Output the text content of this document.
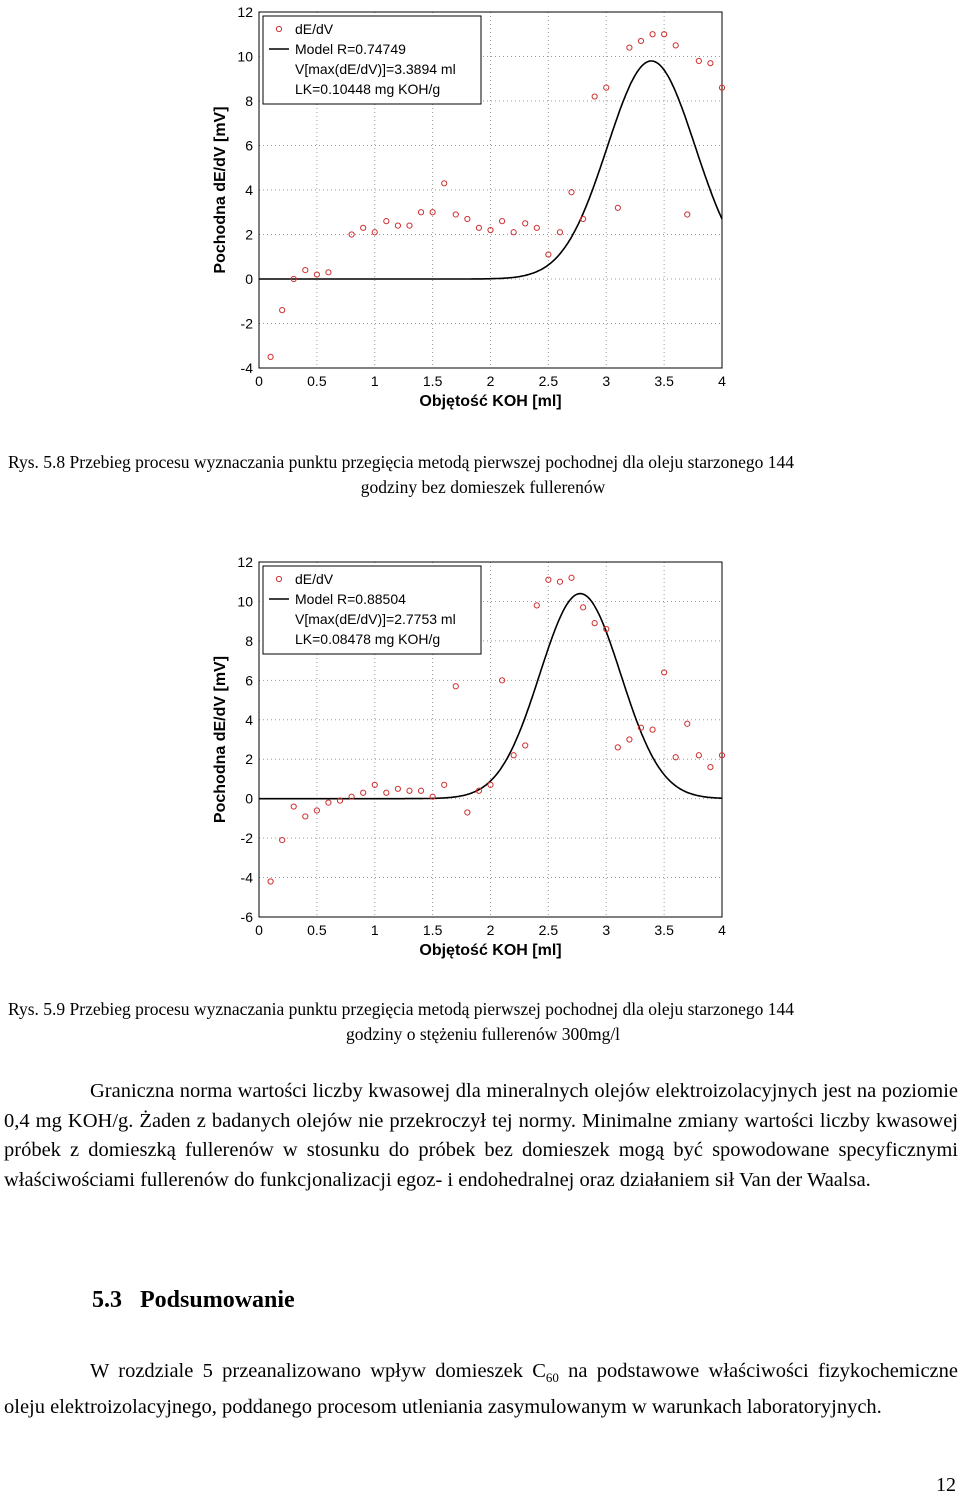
0	0.5	1	1.5	2	2.5	3	3.5	4
-4
-2
0
2
4
6
8
10
12
Objętość KOH [ml]
Pochodna dE/dV [mV]
dE/dV
Model R=0.74749
V[max(dE/dV)]=3.3894 ml
LK=0.10448 mg KOH/g
Rys. 5.8 Przebieg procesu wyznaczania punktu przegięcia metodą pierwszej pochodnej dla oleju starzonego 144
godziny bez domieszek fullerenów
0	0.5	1	1.5	2	2.5	3	3.5	4
-6
-4
-2
0
2
4
6
8
10
12
Objętość KOH [ml]
Pochodna dE/dV [mV]
dE/dV
Model R=0.88504
V[max(dE/dV)]=2.7753 ml
LK=0.08478 mg KOH/g
Rys. 5.9 Przebieg procesu wyznaczania punktu przegięcia metodą pierwszej pochodnej dla oleju starzonego 144
godziny o stężeniu fullerenów 300mg/l
Graniczna norma wartości liczby kwasowej dla mineralnych olejów elektroizolacyjnych jest na poziomie 0,4 mg KOH/g. Żaden z badanych olejów nie przekroczył tej normy. Minimalne zmiany wartości liczby kwasowej próbek z domieszką fullerenów w stosunku do próbek bez domieszek mogą być spowodowane specyficznymi właściwościami fullerenów do funkcjonalizacji egoz- i endohedralnej oraz działaniem sił Van der Waalsa.
5.3 Podsumowanie
W rozdziale 5 przeanalizowano wpływ domieszek $C_{60}$ na podstawowe właściwości fizykochemiczne oleju elektroizolacyjnego, poddanego procesom utleniania zasymulowanym w warunkach laboratoryjnych.
12
